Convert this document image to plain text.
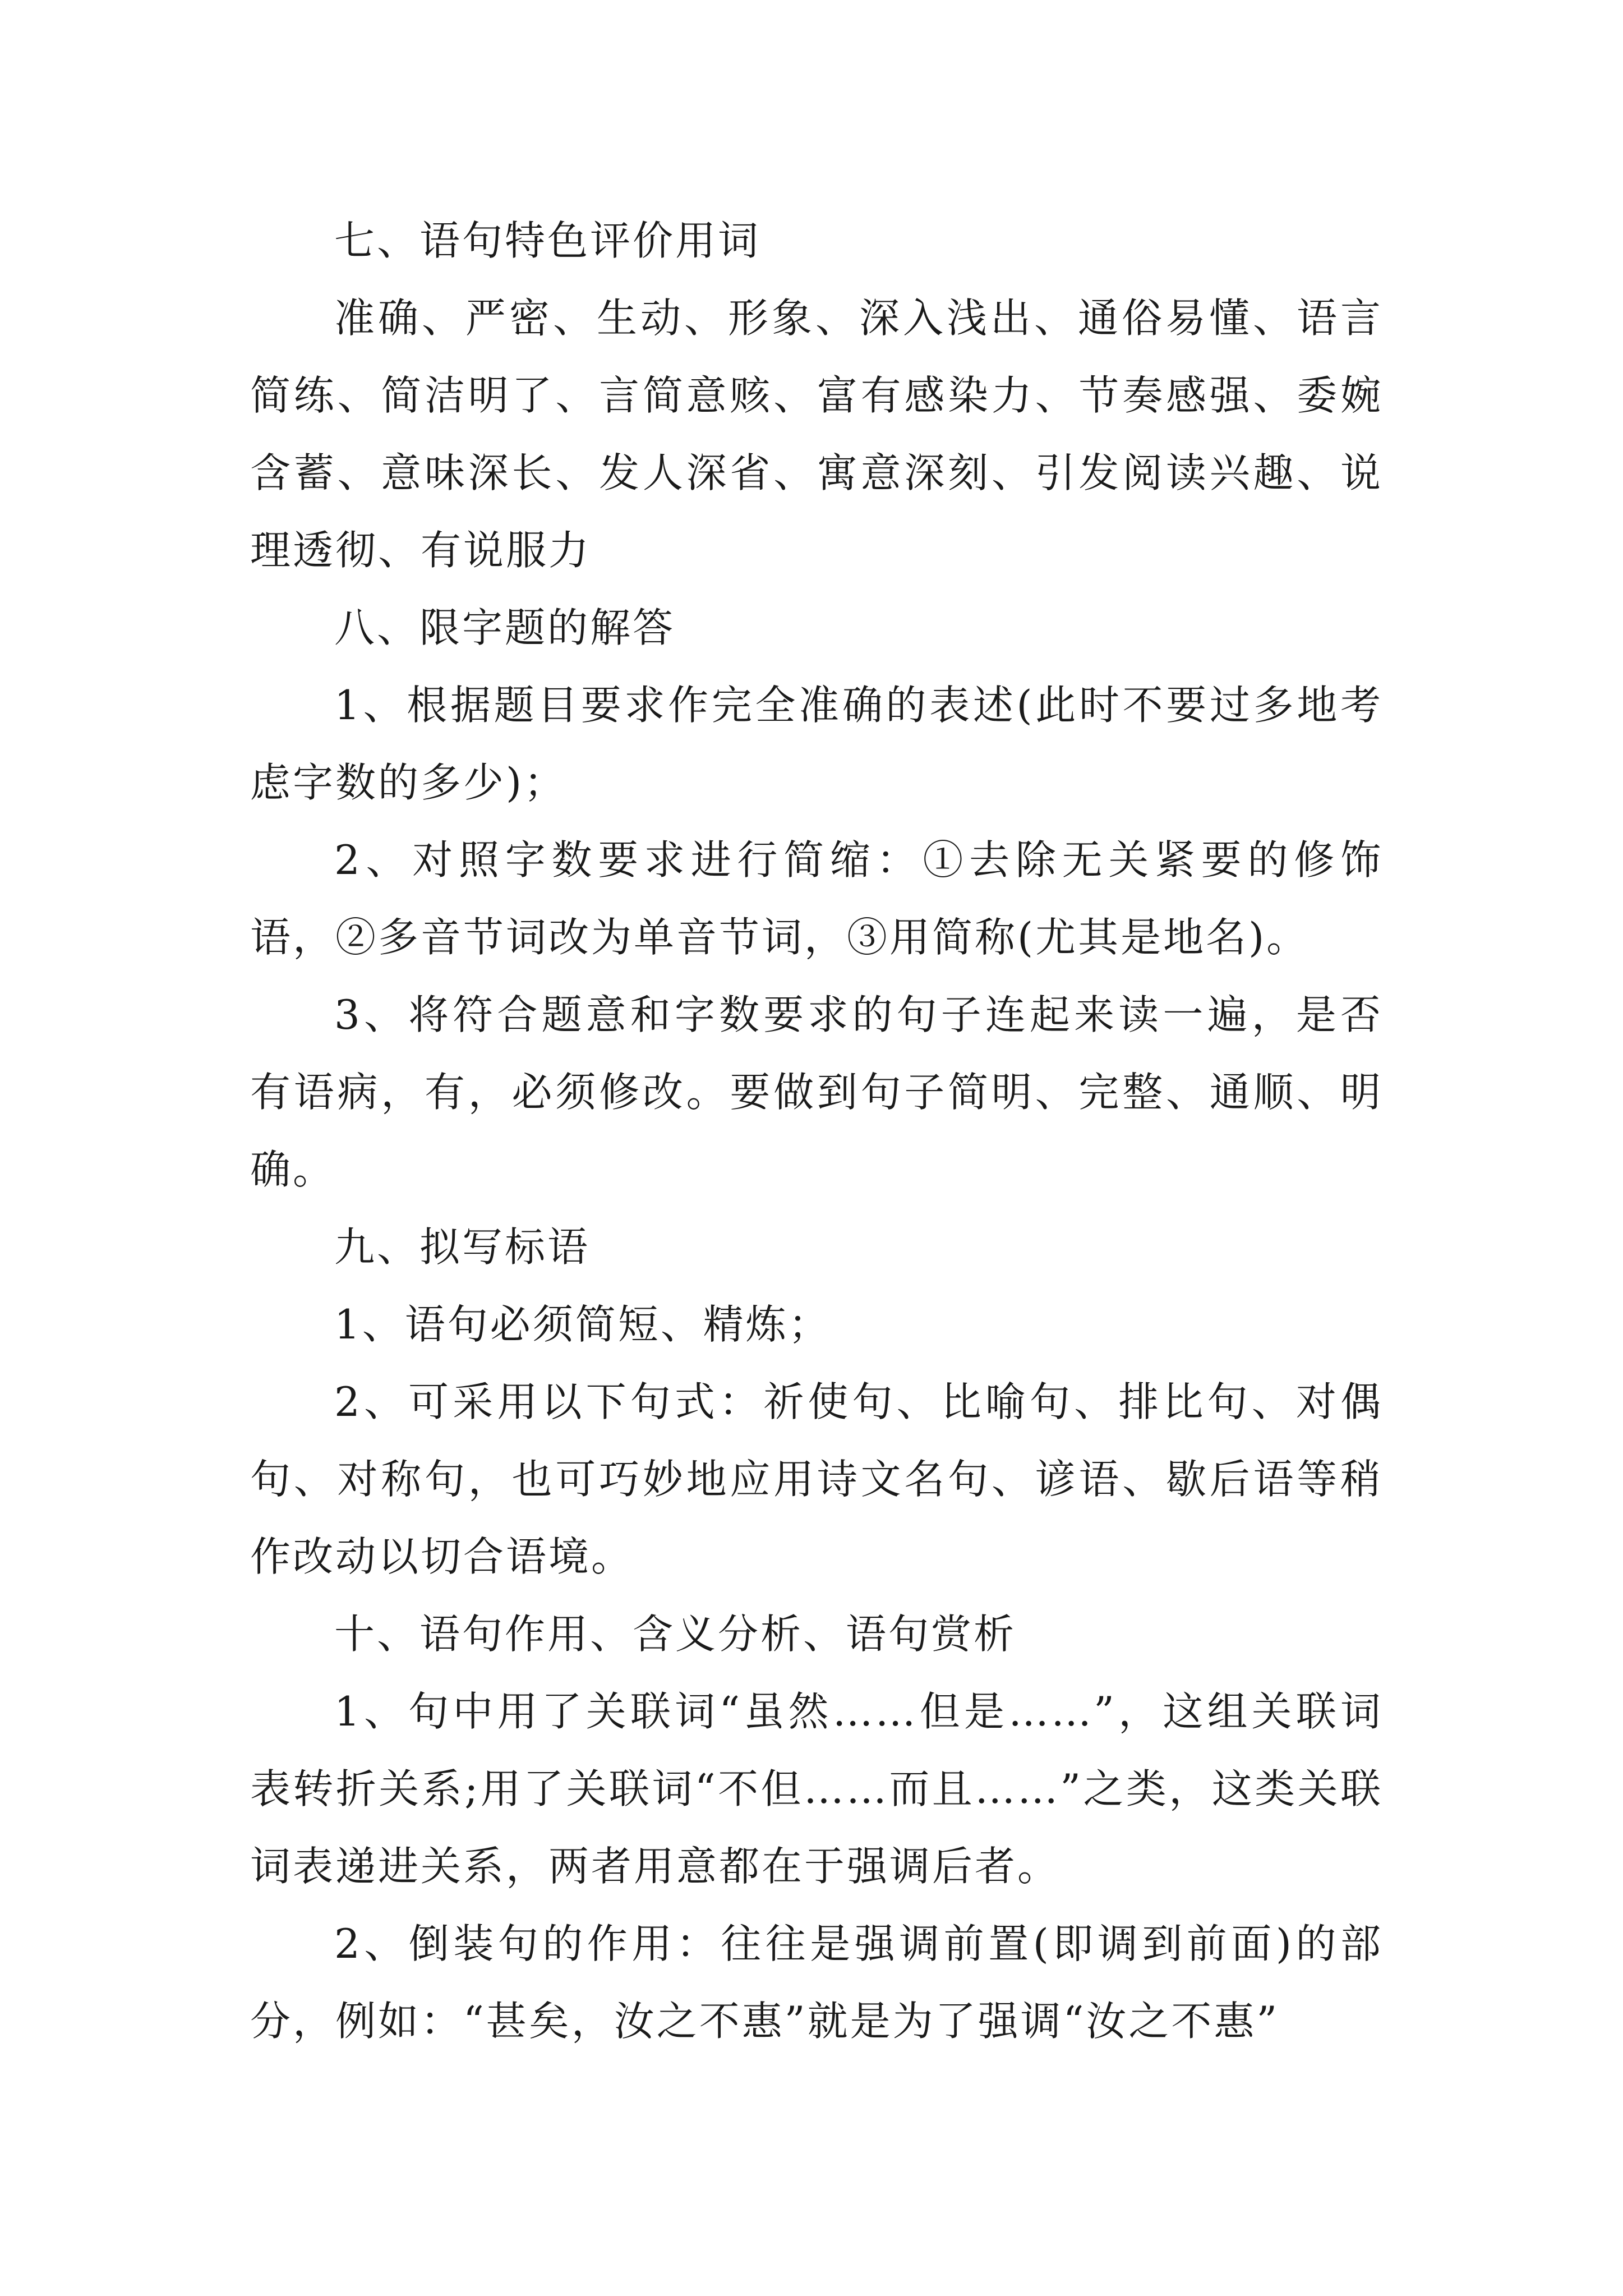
七、语句特色评价用词

准确、严密、生动、形象、深入浅出、通俗易懂、语言简练、简洁明了、言简意赅、富有感染力、节奏感强、委婉含蓄、意味深长、发人深省、寓意深刻、引发阅读兴趣、说理透彻、有说服力

八、限字题的解答

1、根据题目要求作完全准确的表述(此时不要过多地考虑字数的多少)；

2、对照字数要求进行简缩：①去除无关紧要的修饰语，②多音节词改为单音节词，③用简称(尤其是地名)。

3、将符合题意和字数要求的句子连起来读一遍，是否有语病，有，必须修改。要做到句子简明、完整、通顺、明确。

九、拟写标语

1、语句必须简短、精炼；

2、可采用以下句式：祈使句、比喻句、排比句、对偶句、对称句，也可巧妙地应用诗文名句、谚语、歇后语等稍作改动以切合语境。

十、语句作用、含义分析、语句赏析

1、句中用了关联词“虽然……但是……”，这组关联词表转折关系;用了关联词“不但……而且……”之类，这类关联词表递进关系，两者用意都在于强调后者。

2、倒装句的作用：往往是强调前置(即调到前面)的部分，例如：“甚矣，汝之不惠”就是为了强调“汝之不惠”
